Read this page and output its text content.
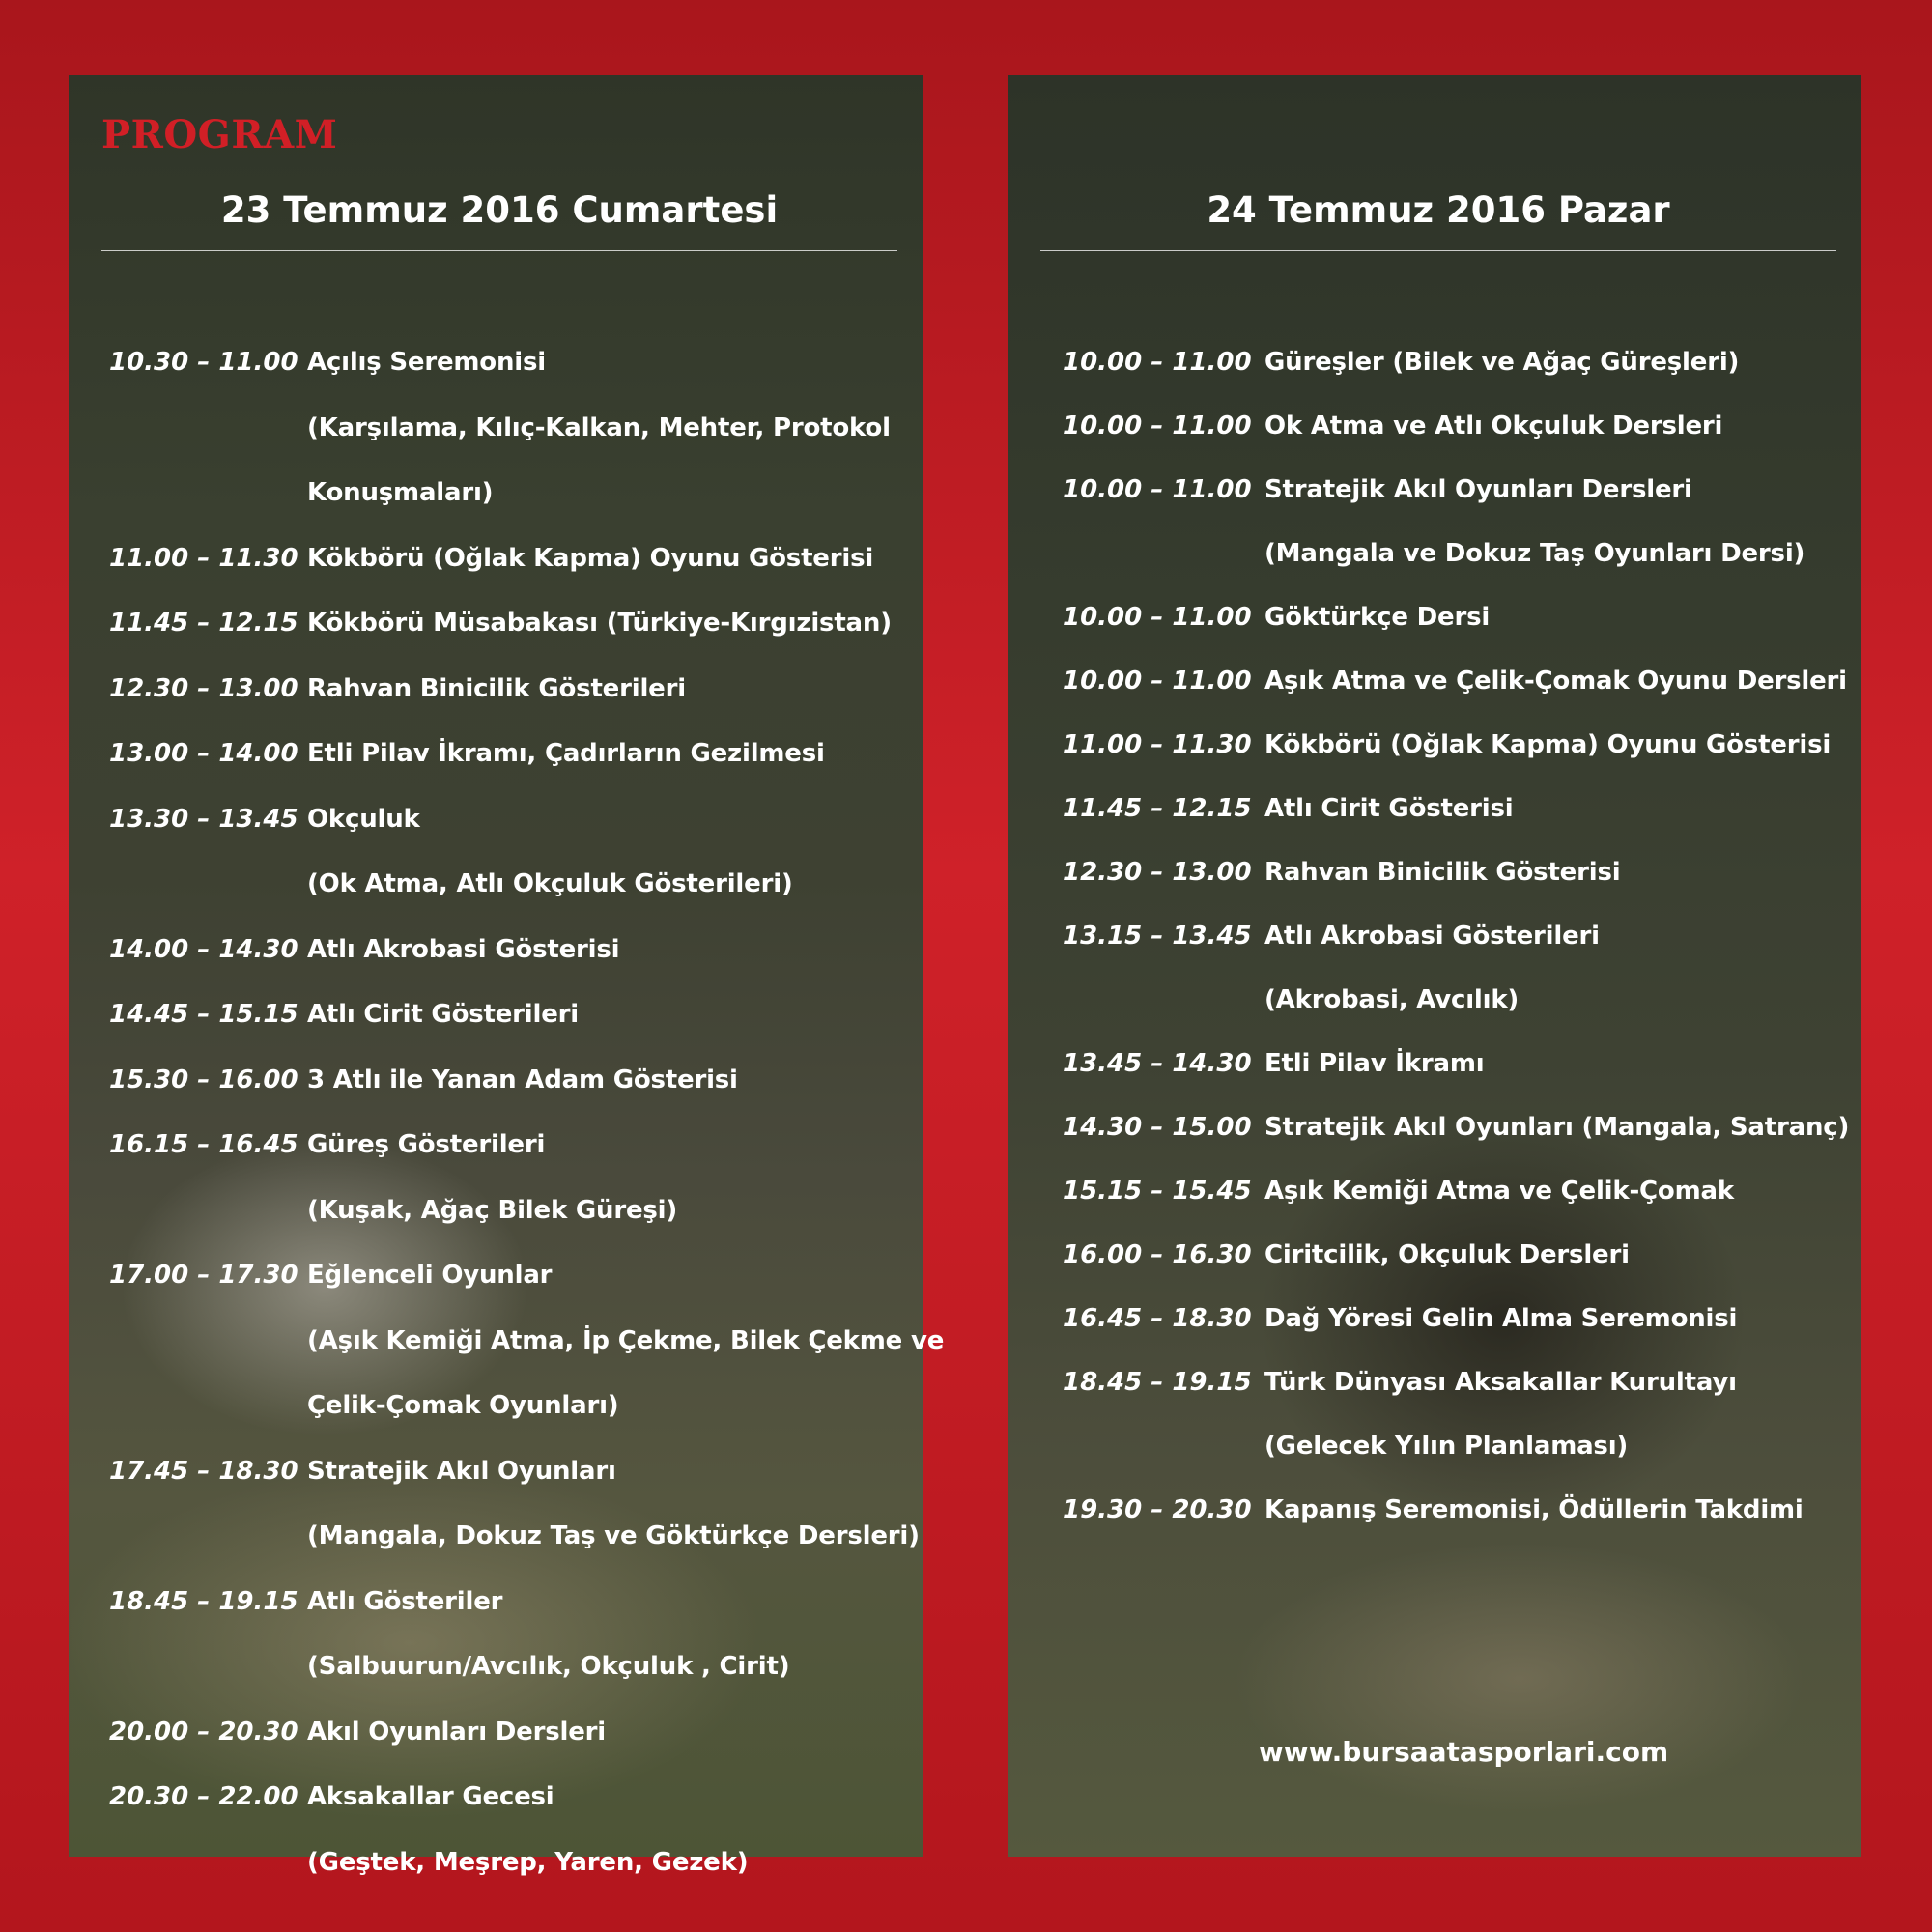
PROGRAM
23 Temmuz 2016 Cumartesi
10.30 – 11.00 Açılış Seremonisi
(Karşılama, Kılıç-Kalkan, Mehter, Protokol
Konuşmaları)
11.00 – 11.30 Kökbörü (Oğlak Kapma) Oyunu Gösterisi
11.45 – 12.15 Kökbörü Müsabakası (Türkiye-Kırgızistan)
12.30 – 13.00 Rahvan Binicilik Gösterileri
13.00 – 14.00 Etli Pilav İkramı, Çadırların Gezilmesi
13.30 – 13.45 Okçuluk
(Ok Atma, Atlı Okçuluk Gösterileri)
14.00 – 14.30 Atlı Akrobasi Gösterisi
14.45 – 15.15 Atlı Cirit Gösterileri
15.30 – 16.00 3 Atlı ile Yanan Adam Gösterisi
16.15 – 16.45 Güreş Gösterileri
(Kuşak, Ağaç Bilek Güreşi)
17.00 – 17.30 Eğlenceli Oyunlar
(Aşık Kemiği Atma, İp Çekme, Bilek Çekme ve
Çelik-Çomak Oyunları)
17.45 – 18.30 Stratejik Akıl Oyunları
(Mangala, Dokuz Taş ve Göktürkçe Dersleri)
18.45 – 19.15 Atlı Gösteriler
(Salbuurun/Avcılık, Okçuluk , Cirit)
20.00 – 20.30 Akıl Oyunları Dersleri
20.30 – 22.00 Aksakallar Gecesi
(Geştek, Meşrep, Yaren, Gezek)
24 Temmuz 2016 Pazar
10.00 – 11.00 Güreşler (Bilek ve Ağaç Güreşleri)
10.00 – 11.00 Ok Atma ve Atlı Okçuluk Dersleri
10.00 – 11.00 Stratejik Akıl Oyunları Dersleri
(Mangala ve Dokuz Taş Oyunları Dersi)
10.00 – 11.00 Göktürkçe Dersi
10.00 – 11.00 Aşık Atma ve Çelik-Çomak Oyunu Dersleri
11.00 – 11.30 Kökbörü (Oğlak Kapma) Oyunu Gösterisi
11.45 – 12.15 Atlı Cirit Gösterisi
12.30 – 13.00 Rahvan Binicilik Gösterisi
13.15 – 13.45 Atlı Akrobasi Gösterileri
(Akrobasi, Avcılık)
13.45 – 14.30 Etli Pilav İkramı
14.30 – 15.00 Stratejik Akıl Oyunları (Mangala, Satranç)
15.15 – 15.45 Aşık Kemiği Atma ve Çelik-Çomak
16.00 – 16.30 Ciritcilik, Okçuluk Dersleri
16.45 – 18.30 Dağ Yöresi Gelin Alma Seremonisi
18.45 – 19.15 Türk Dünyası Aksakallar Kurultayı
(Gelecek Yılın Planlaması)
19.30 – 20.30 Kapanış Seremonisi, Ödüllerin Takdimi
www.bursaatasporlari.com
